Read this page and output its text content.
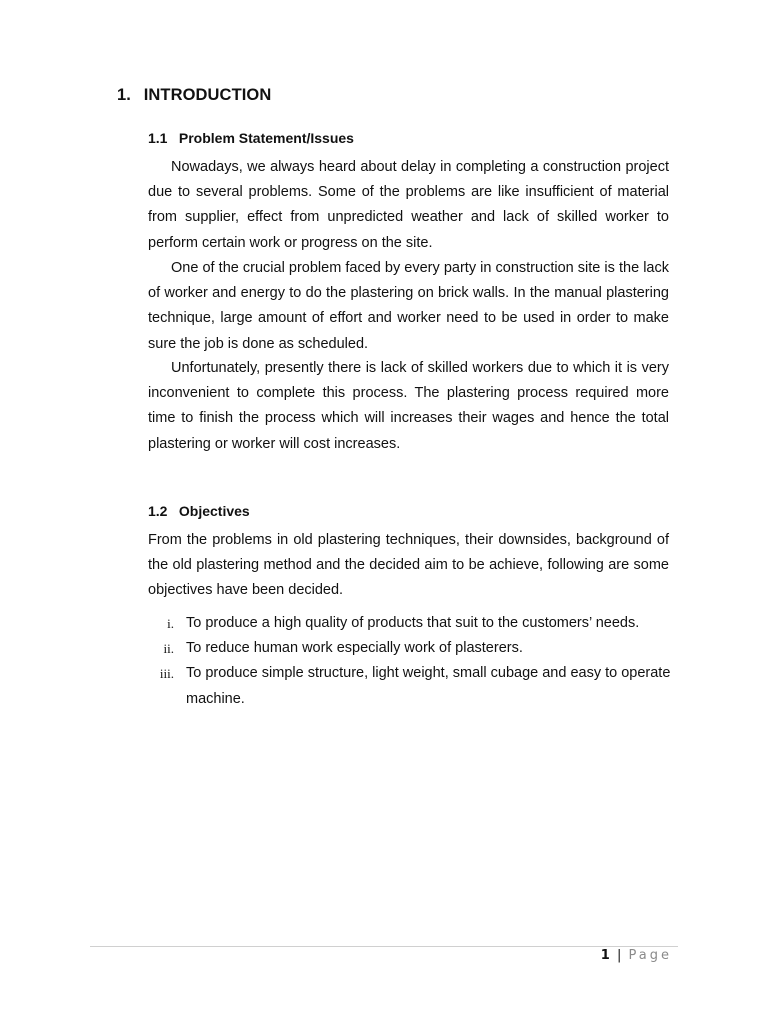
1. INTRODUCTION
1.1 Problem Statement/Issues

Nowadays, we always heard about delay in completing a construction project due to several problems. Some of the problems are like insufficient of material from supplier, effect from unpredicted weather and lack of skilled worker to perform certain work or progress on the site.

One of the crucial problem faced by every party in construction site is the lack of worker and energy to do the plastering on brick walls. In the manual plastering technique, large amount of effort and worker need to be used in order to make sure the job is done as scheduled.

Unfortunately, presently there is lack of skilled workers due to which it is very inconvenient to complete this process. The plastering process required more time to finish the process which will increases their wages and hence the total plastering or worker will cost increases.

1.2 Objectives

From the problems in old plastering techniques, their downsides, background of the old plastering method and the decided aim to be achieve, following are some objectives have been decided.

i. To produce a high quality of products that suit to the customers’ needs.
ii. To reduce human work especially work of plasterers.
iii. To produce simple structure, light weight, small cubage and easy to operate machine.
1 | Page
